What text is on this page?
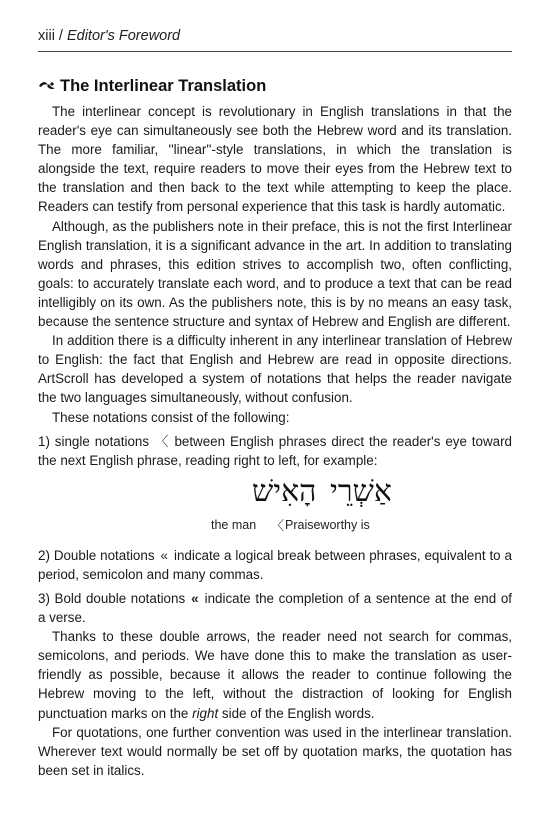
xiii / Editor's Foreword
The Interlinear Translation

The interlinear concept is revolutionary in English translations in that the reader's eye can simultaneously see both the Hebrew word and its translation. The more familiar, ''linear''-style translations, in which the translation is alongside the text, require readers to move their eyes from the Hebrew text to the translation and then back to the text while attempting to keep the place. Readers can testify from personal experience that this task is hardly automatic.

Although, as the publishers note in their preface, this is not the first Interlinear English translation, it is a significant advance in the art. In addition to translating words and phrases, this edition strives to accomplish two, often conflicting, goals: to accurately translate each word, and to produce a text that can be read intelligibly on its own. As the publishers note, this is by no means an easy task, because the sentence structure and syntax of Hebrew and English are different.

In addition there is a difficulty inherent in any interlinear translation of Hebrew to English: the fact that English and Hebrew are read in opposite directions. ArtScroll has developed a system of notations that helps the reader navigate the two languages simultaneously, without confusion.

These notations consist of the following:

1) single notations 〈 between English phrases direct the reader's eye toward the next English phrase, reading right to left, for example:

הָאִישׁ אַשְׁרֵי
the man 〈 Praiseworthy is

2) Double notations « indicate a logical break between phrases, equivalent to a period, semicolon and many commas.

3) Bold double notations « indicate the completion of a sentence at the end of a verse.

Thanks to these double arrows, the reader need not search for commas, semicolons, and periods. We have done this to make the translation as user-friendly as possible, because it allows the reader to continue following the Hebrew moving to the left, without the distraction of looking for English punctuation marks on the right side of the English words.

For quotations, one further convention was used in the interlinear translation. Wherever text would normally be set off by quotation marks, the quotation has been set in italics.
